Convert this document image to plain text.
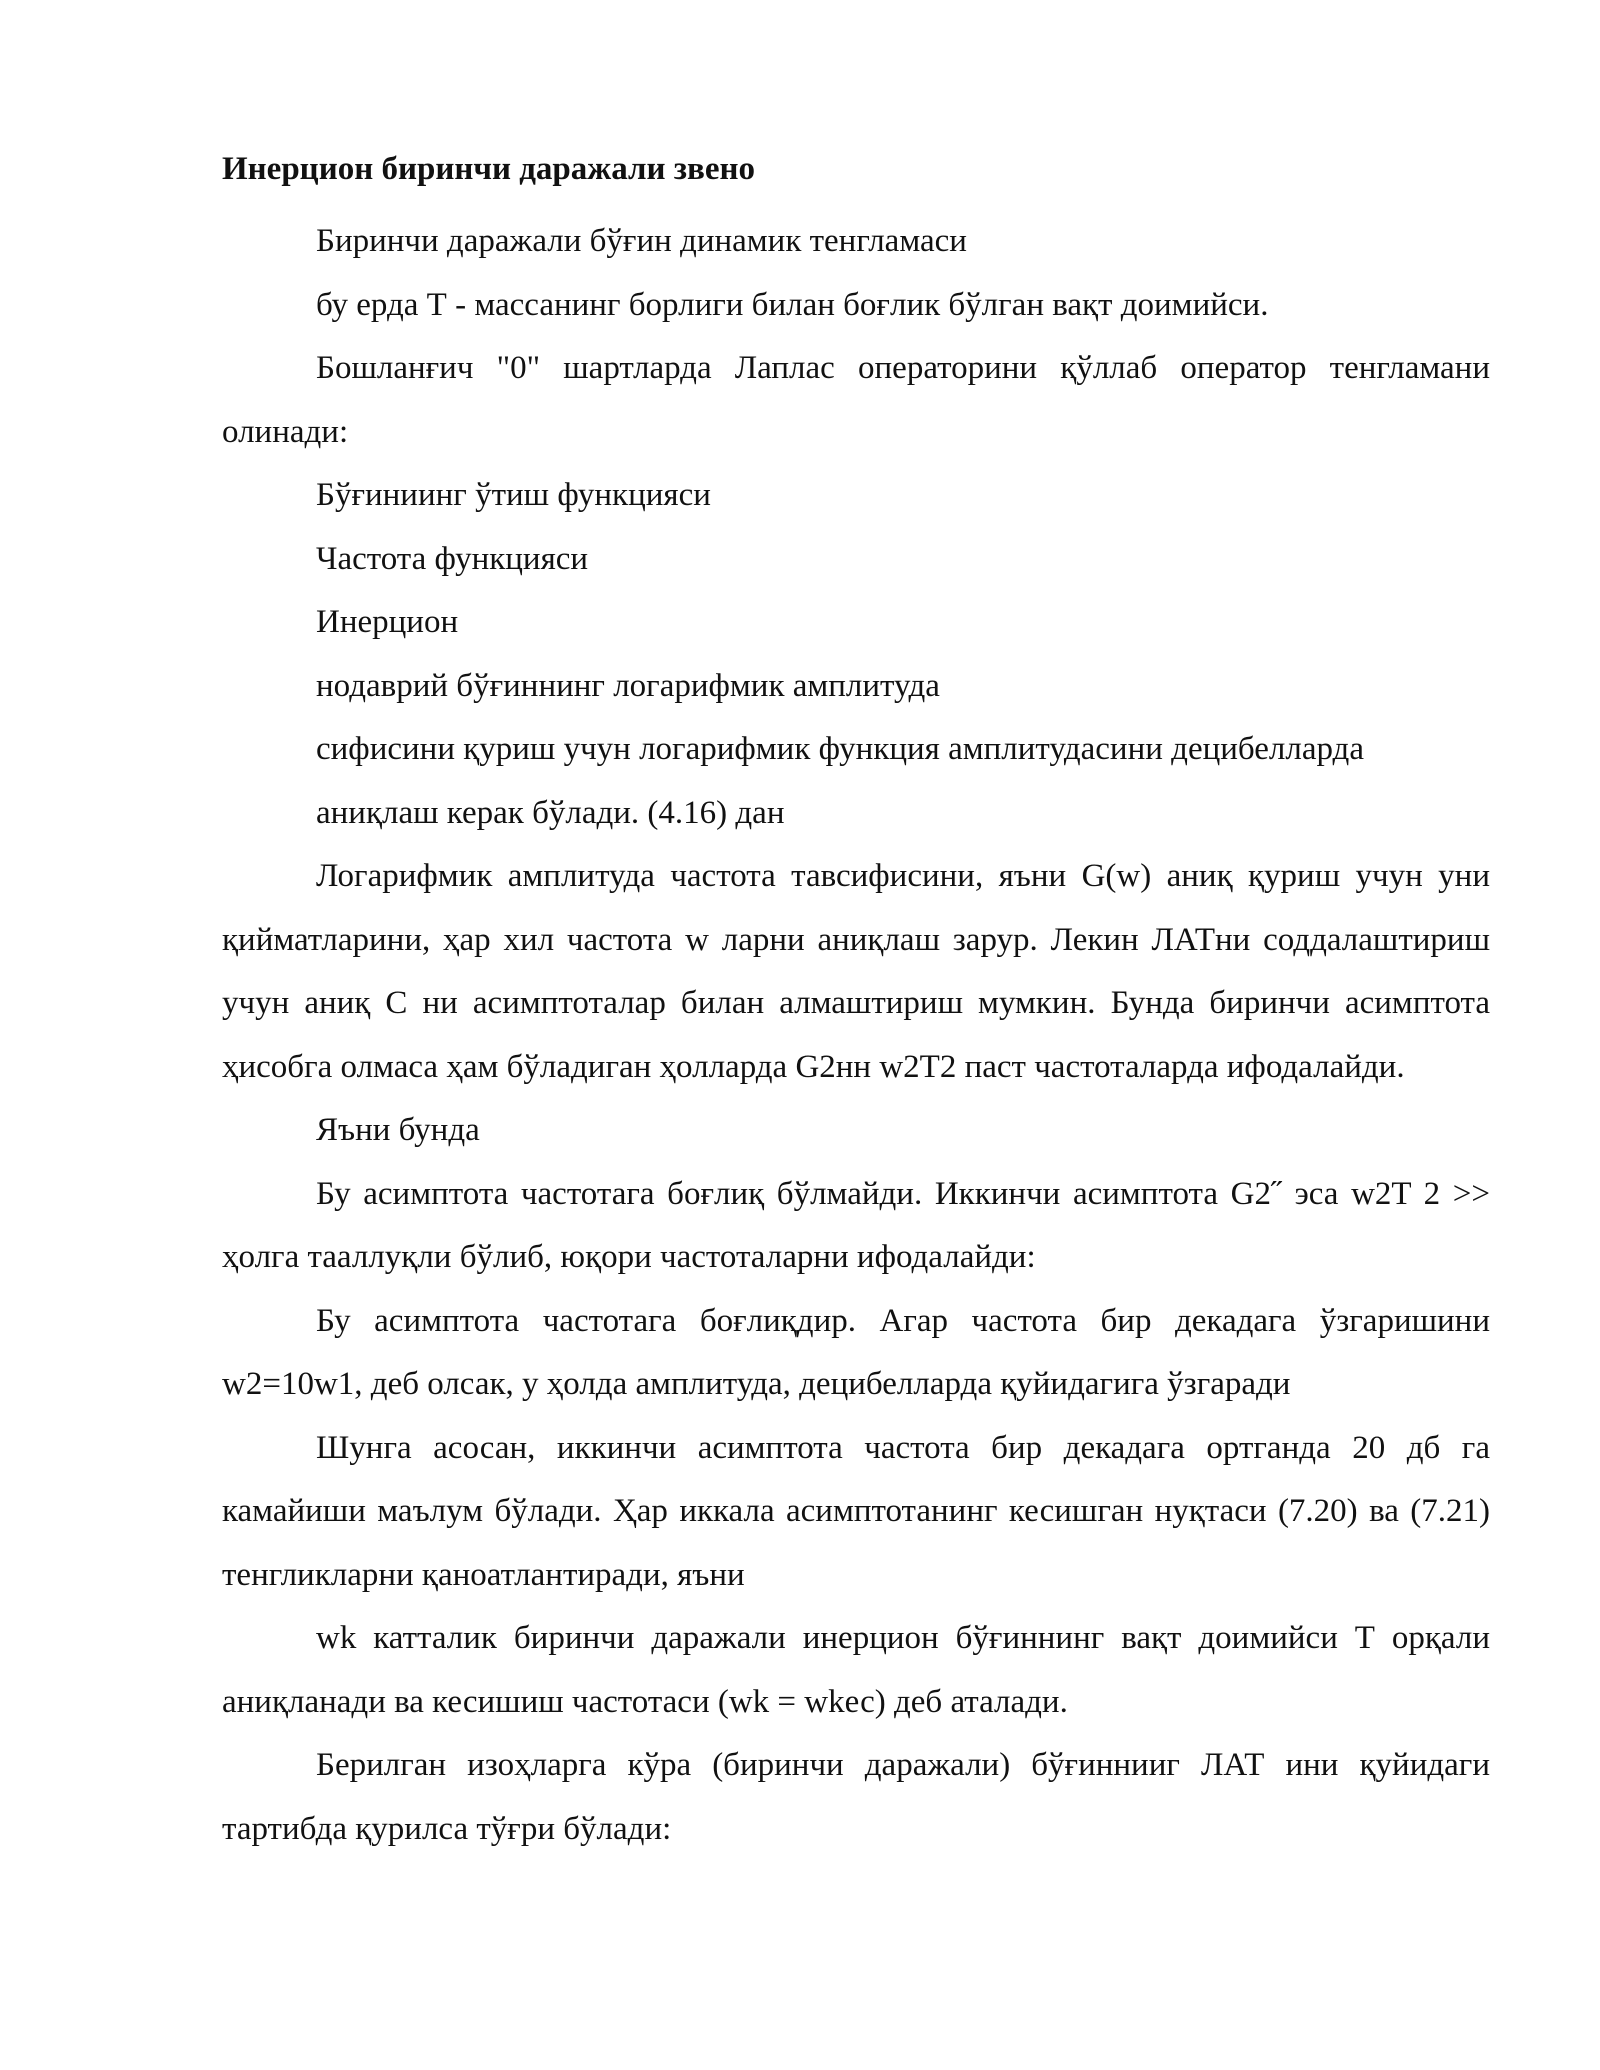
Инерцион биринчи даражали звено

Биринчи даражали бўғин динамик тенгламаси

бу ерда Т - массанинг борлиги билан боғлик бўлган вақт доимийси.

Бошланғич "0" шартларда Лаплас операторини қўллаб оператор тенгламани олинади:

Бўғиниинг ўтиш функцияси

Частота функцияси

Инерцион

нодаврий бўғиннинг логарифмик амплитуда

сифисини қуриш учун логарифмик функция амплитудасини децибелларда

аниқлаш керак бўлади. (4.16) дан

Логарифмик амплитуда частота тавсифисини, яъни G(w) аниқ қуриш учун уни қийматларини, ҳар хил частота w ларни аниқлаш зарур. Лекин ЛАТни соддалаштириш учун аниқ С ни асимптоталар билан алмаштириш мумкин. Бунда биринчи асимптота ҳисобга олмаса ҳам бўладиган ҳолларда G2нн w2T2 паст частоталарда ифодалайди.

Яъни бунда

Бу асимптота частотага боғлиқ бўлмайди. Иккинчи асимптота G2˝ эса w2T 2 >> ҳолга тааллуқли бўлиб, юқори частоталарни ифодалайди:

Бу асимптота частотага боғлиқдир. Агар частота бир декадага ўзгаришини w2=10w1, деб олсак, у ҳолда амплитуда, децибелларда қуйидагига ўзгаради

Шунга асосан, иккинчи асимптота частота бир декадага ортганда 20 дб га камайиши маълум бўлади. Ҳар иккала асимптотанинг кесишган нуқтаси (7.20) ва (7.21) тенгликларни қаноатлантиради, яъни

wk катталик биринчи даражали инерцион бўғиннинг вақт доимийси Т орқали аниқланади ва кесишиш частотаси (wk = wkес) деб аталади.

Берилган изоҳларга кўра (биринчи даражали) бўғиннииг ЛАТ ини қуйидаги тартибда қурилса тўғри бўлади:
